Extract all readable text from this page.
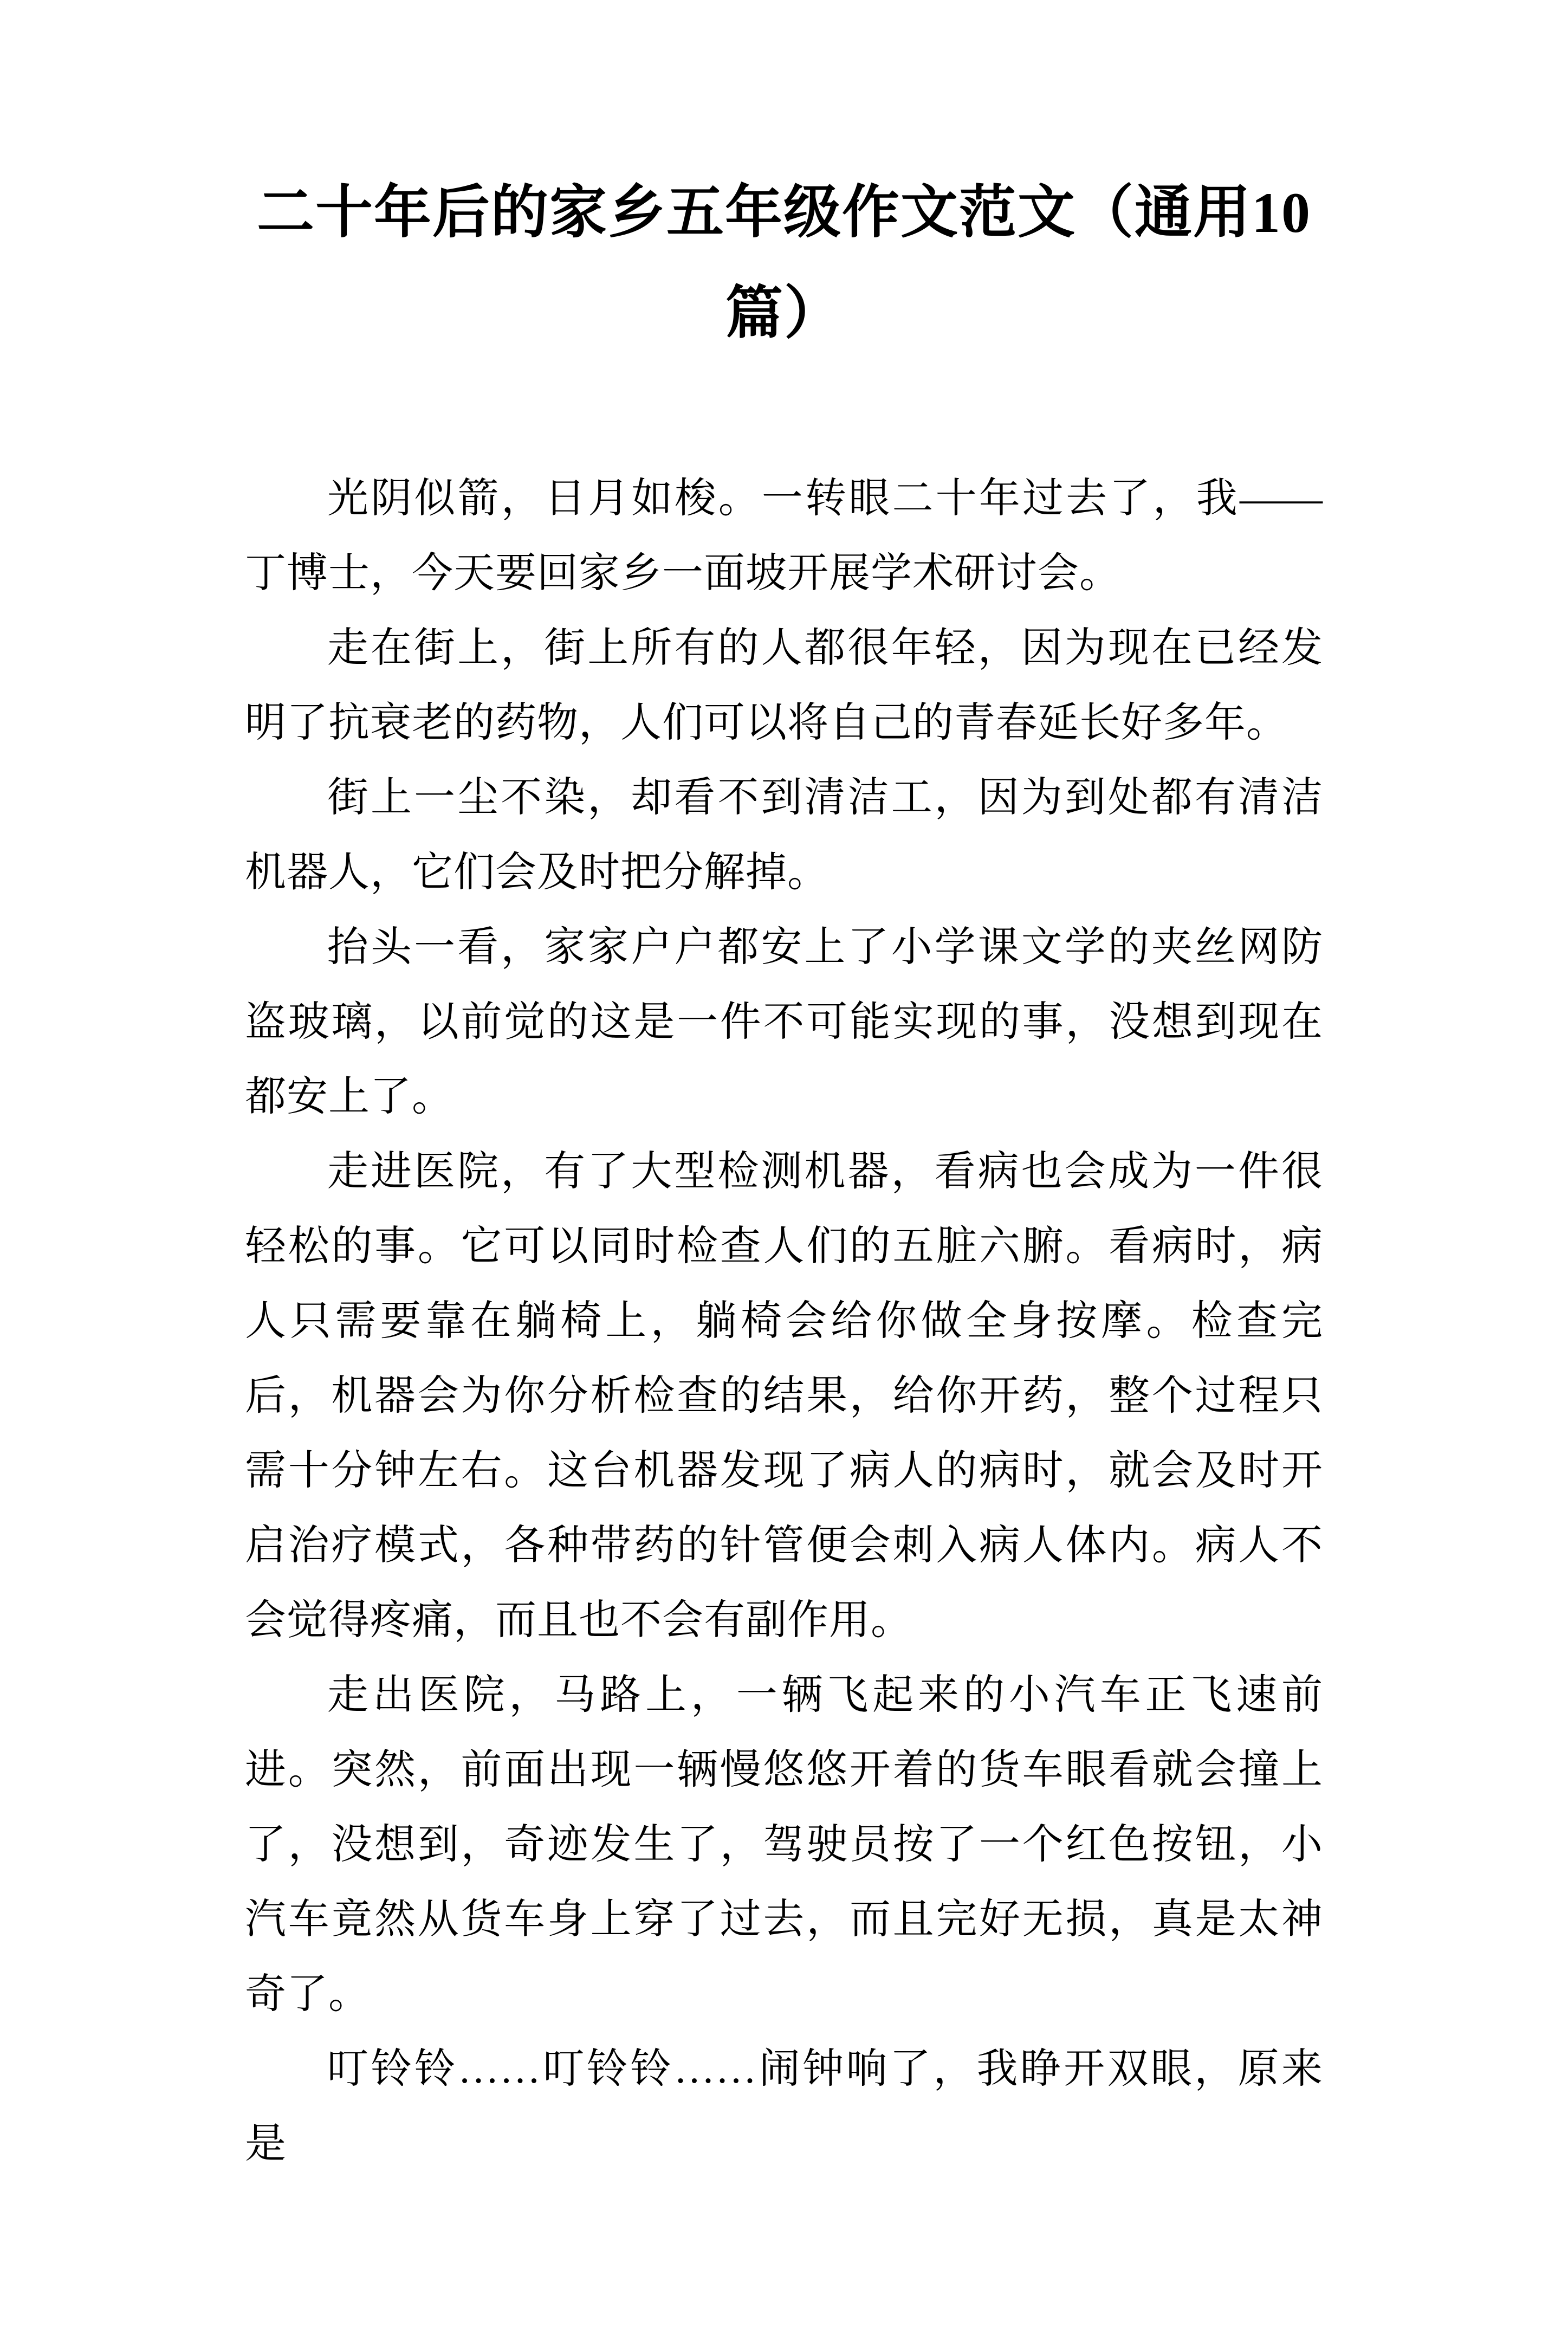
二十年后的家乡五年级作文范文（通用10篇）

光阴似箭，日月如梭。一转眼二十年过去了，我——丁博士，今天要回家乡一面坡开展学术研讨会。

走在街上，街上所有的人都很年轻，因为现在已经发明了抗衰老的药物，人们可以将自己的青春延长好多年。

街上一尘不染，却看不到清洁工，因为到处都有清洁机器人，它们会及时把分解掉。

抬头一看，家家户户都安上了小学课文学的夹丝网防盗玻璃，以前觉的这是一件不可能实现的事，没想到现在都安上了。

走进医院，有了大型检测机器，看病也会成为一件很轻松的事。它可以同时检查人们的五脏六腑。看病时，病人只需要靠在躺椅上，躺椅会给你做全身按摩。检查完后，机器会为你分析检查的结果，给你开药，整个过程只需十分钟左右。这台机器发现了病人的病时，就会及时开启治疗模式，各种带药的针管便会刺入病人体内。病人不会觉得疼痛，而且也不会有副作用。

走出医院，马路上，一辆飞起来的小汽车正飞速前进。突然，前面出现一辆慢悠悠开着的货车眼看就会撞上了，没想到，奇迹发生了，驾驶员按了一个红色按钮，小汽车竟然从货车身上穿了过去，而且完好无损，真是太神奇了。

叮铃铃……叮铃铃……闹钟响了，我睁开双眼，原来是
